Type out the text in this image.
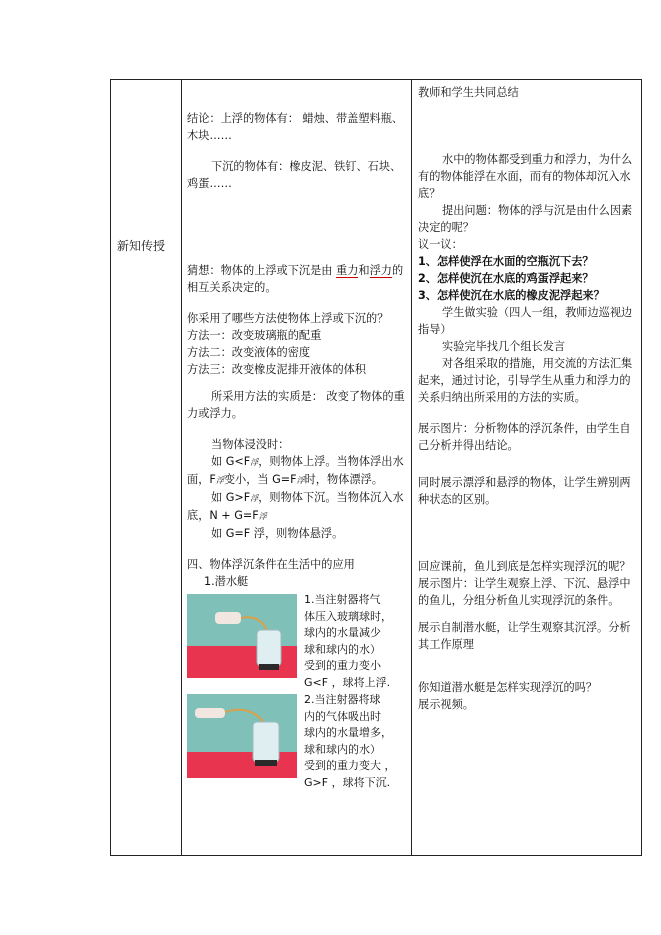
新知传授

结论：上浮的物体有： 蜡烛、带盖塑料瓶、木块……

下沉的物体有：橡皮泥、铁钉、石块、鸡蛋……

猜想：物体的上浮或下沉是由 重力和浮力的相互关系决定的。

你采用了哪些方法使物体上浮或下沉的？

方法一：改变玻璃瓶的配重

方法二：改变液体的密度

方法三：改变橡皮泥排开液体的体积

所采用方法的实质是： 改变了物体的重力或浮力。

当物体浸没时：

如 G<F浮，则物体上浮。当物体浮出水面，F浮变小，当 G=F浮时，物体漂浮。

如 G>F浮，则物体下沉。当物体沉入水底，N + G=F浮

如 G=F 浮，则物体悬浮。

四、物体浮沉条件在生活中的应用

1.潜水艇

1.当注射器将气
体压入玻璃球时，
球内的水量减少
球和球内的水）
受到的重力变小
G<F ，球将上浮.
2.当注射器将球
内的气体吸出时
球内的水量增多，
球和球内的水）
受到的重力变大 ，
G>F ，球将下沉.

教师和学生共同总结

水中的物体都受到重力和浮力，为什么有的物体能浮在水面，而有的物体却沉入水底？

提出问题：物体的浮与沉是由什么因素决定的呢？

议一议：

1、怎样使浮在水面的空瓶沉下去？

2、怎样使沉在水底的鸡蛋浮起来？

3、怎样使沉在水底的橡皮泥浮起来？

学生做实验（四人一组，教师边巡视边指导）

实验完毕找几个组长发言

对各组采取的措施，用交流的方法汇集起来，通过讨论，引导学生从重力和浮力的关系归纳出所采用的方法的实质。

展示图片：分析物体的浮沉条件，由学生自己分析并得出结论。

同时展示漂浮和悬浮的物体，让学生辨别两种状态的区别。

回应课前，鱼儿到底是怎样实现浮沉的呢？

展示图片：让学生观察上浮、下沉、悬浮中的鱼儿，分组分析鱼儿实现浮沉的条件。

展示自制潜水艇，让学生观察其沉浮。分析其工作原理

你知道潜水艇是怎样实现浮沉的吗？

展示视频。
